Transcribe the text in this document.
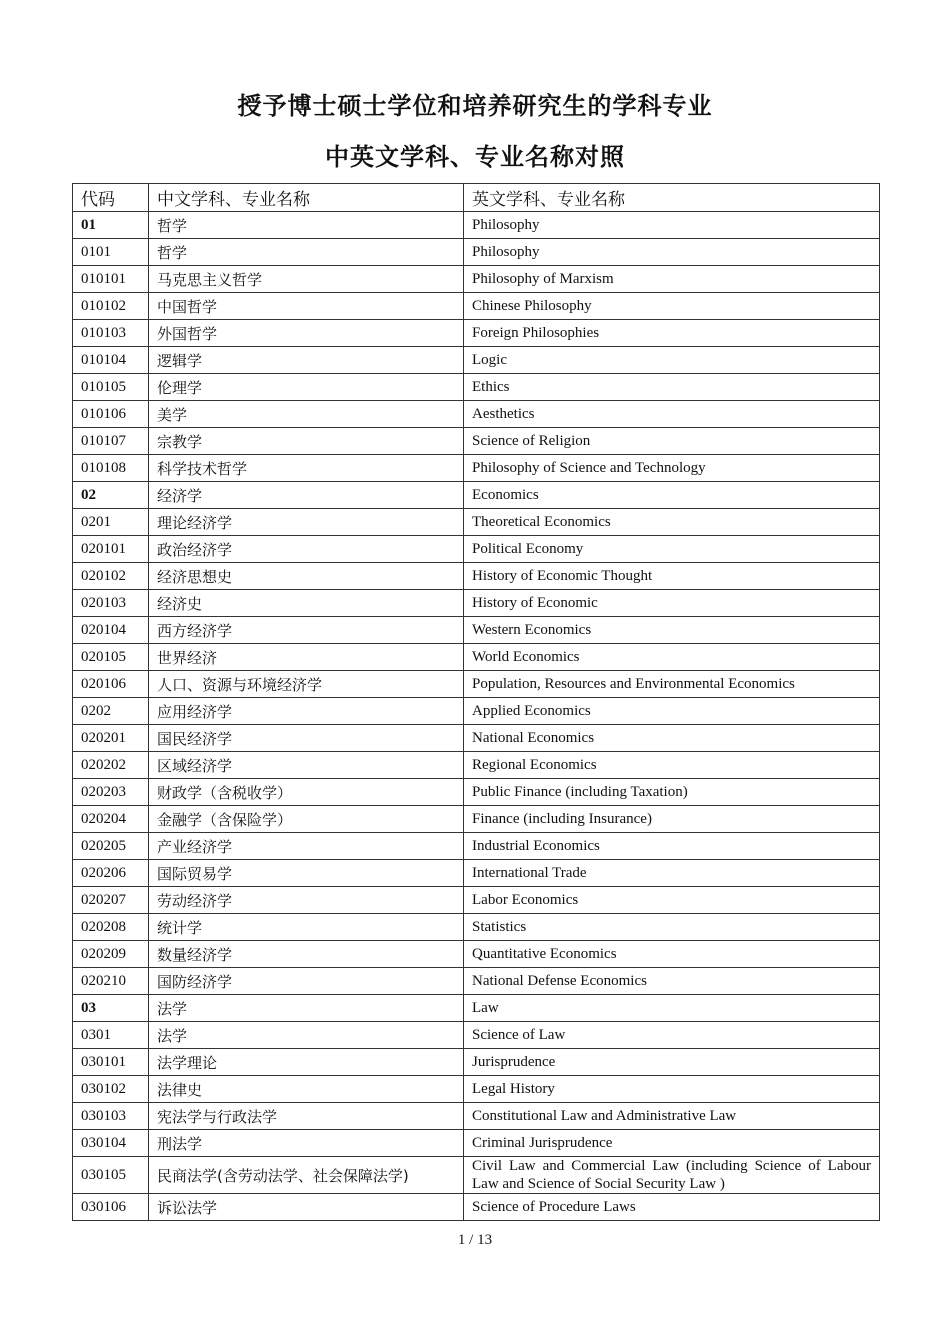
授予博士硕士学位和培养研究生的学科专业
中英文学科、专业名称对照
代码	中文学科、专业名称	英文学科、专业名称
01	哲学	Philosophy
0101	哲学	Philosophy
010101	马克思主义哲学	Philosophy of Marxism
010102	中国哲学	Chinese Philosophy
010103	外国哲学	Foreign Philosophies
010104	逻辑学	Logic
010105	伦理学	Ethics
010106	美学	Aesthetics
010107	宗教学	Science of Religion
010108	科学技术哲学	Philosophy of Science and Technology
02	经济学	Economics
0201	理论经济学	Theoretical Economics
020101	政治经济学	Political Economy
020102	经济思想史	History of Economic Thought
020103	经济史	History of Economic
020104	西方经济学	Western Economics
020105	世界经济	World Economics
020106	人口、资源与环境经济学	Population, Resources and Environmental Economics
0202	应用经济学	Applied Economics
020201	国民经济学	National Economics
020202	区域经济学	Regional Economics
020203	财政学（含税收学）	Public Finance (including Taxation)
020204	金融学（含保险学）	Finance (including Insurance)
020205	产业经济学	Industrial Economics
020206	国际贸易学	International Trade
020207	劳动经济学	Labor Economics
020208	统计学	Statistics
020209	数量经济学	Quantitative Economics
020210	国防经济学	National Defense Economics
03	法学	Law
0301	法学	Science of Law
030101	法学理论	Jurisprudence
030102	法律史	Legal History
030103	宪法学与行政法学	Constitutional Law and Administrative Law
030104	刑法学	Criminal Jurisprudence
030105	民商法学(含劳动法学、社会保障法学)	Civil Law and Commercial Law (including Science of Labour Law and Science of Social Security Law )
030106	诉讼法学	Science of Procedure Laws
1 / 13
